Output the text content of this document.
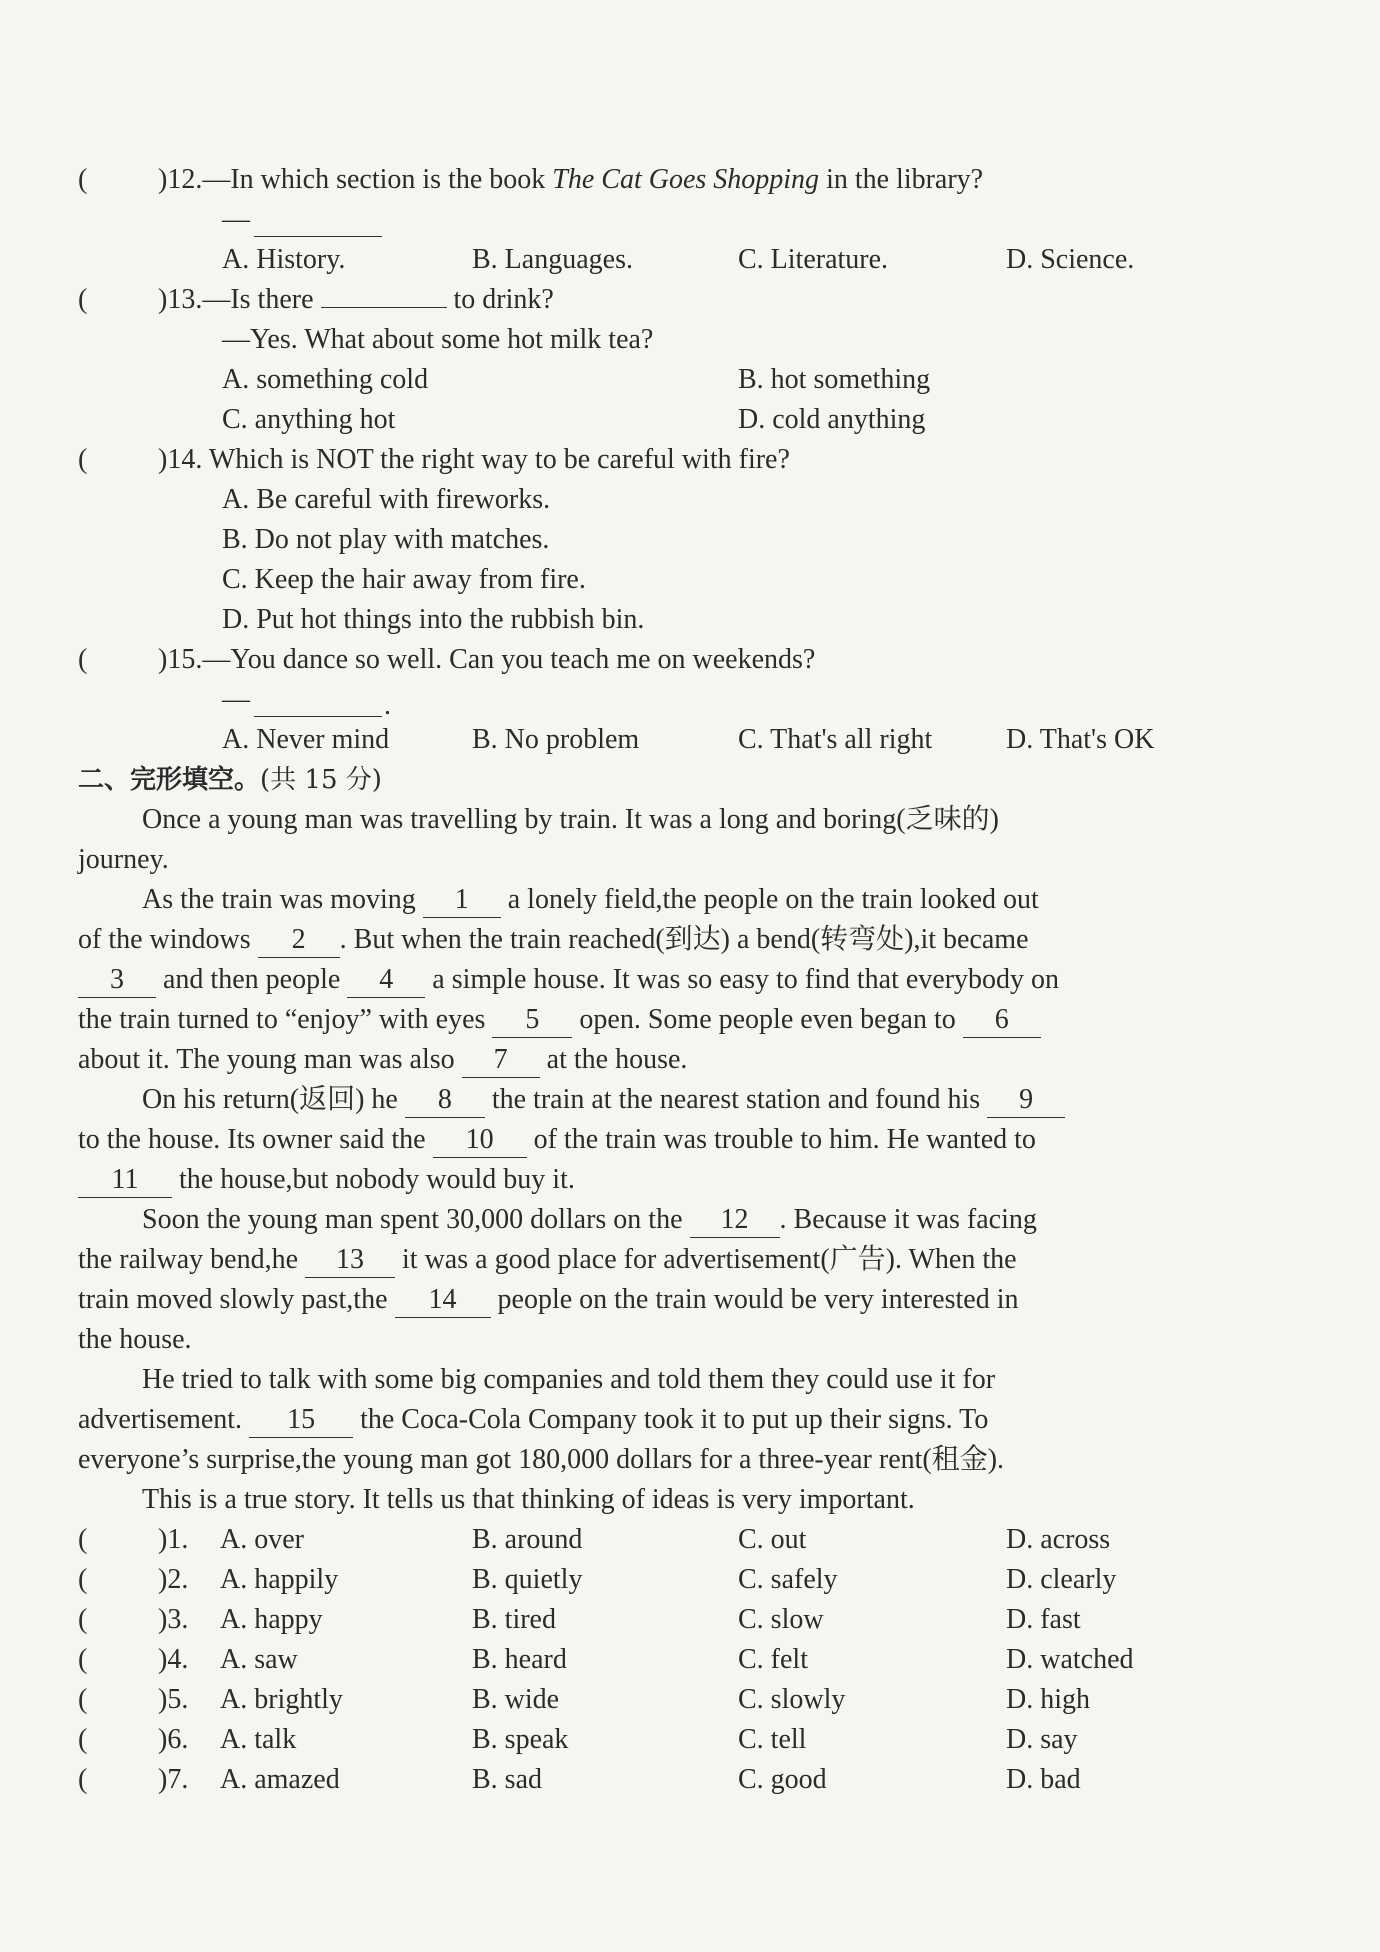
(	)12.—In which section is the book The Cat Goes Shopping in the library?
—
A. History.	B. Languages.	C. Literature.	D. Science.
(	)13.—Is there	to drink?
—Yes. What about some hot milk tea?
A. something cold	B. hot something
C. anything hot	D. cold anything
(	)14. Which is NOT the right way to be careful with fire?
A. Be careful with fireworks.
B. Do not play with matches.
C. Keep the hair away from fire.
D. Put hot things into the rubbish bin.
(	)15.—You dance so well. Can you teach me on weekends?
—	.
A. Never mind	B. No problem	C. That's all right	D. That's OK
二、完形填空。(共 15 分)
Once a young man was travelling by train. It was a long and boring(乏味的)
journey.
As the train was moving 1 a lonely field,the people on the train looked out
of the windows 2 . But when the train reached(到达) a bend(转弯处),it became
3 and then people 4 a simple house. It was so easy to find that everybody on
the train turned to “enjoy” with eyes 5 open. Some people even began to 6
about it. The young man was also 7 at the house.
On his return(返回) he 8 the train at the nearest station and found his 9
to the house. Its owner said the 10 of the train was trouble to him. He wanted to
11 the house,but nobody would buy it.
Soon the young man spent 30,000 dollars on the 12 . Because it was facing
the railway bend,he 13 it was a good place for advertisement(广告). When the
train moved slowly past,the 14 people on the train would be very interested in
the house.
He tried to talk with some big companies and told them they could use it for
advertisement. 15 the Coca-Cola Company took it to put up their signs. To
everyone’s surprise,the young man got 180,000 dollars for a three-year rent(租金).
This is a true story. It tells us that thinking of ideas is very important.
(	)1. A. over	B. around	C. out	D. across
(	)2. A. happily	B. quietly	C. safely	D. clearly
(	)3. A. happy	B. tired	C. slow	D. fast
(	)4. A. saw	B. heard	C. felt	D. watched
(	)5. A. brightly	B. wide	C. slowly	D. high
(	)6. A. talk	B. speak	C. tell	D. say
(	)7. A. amazed	B. sad	C. good	D. bad
